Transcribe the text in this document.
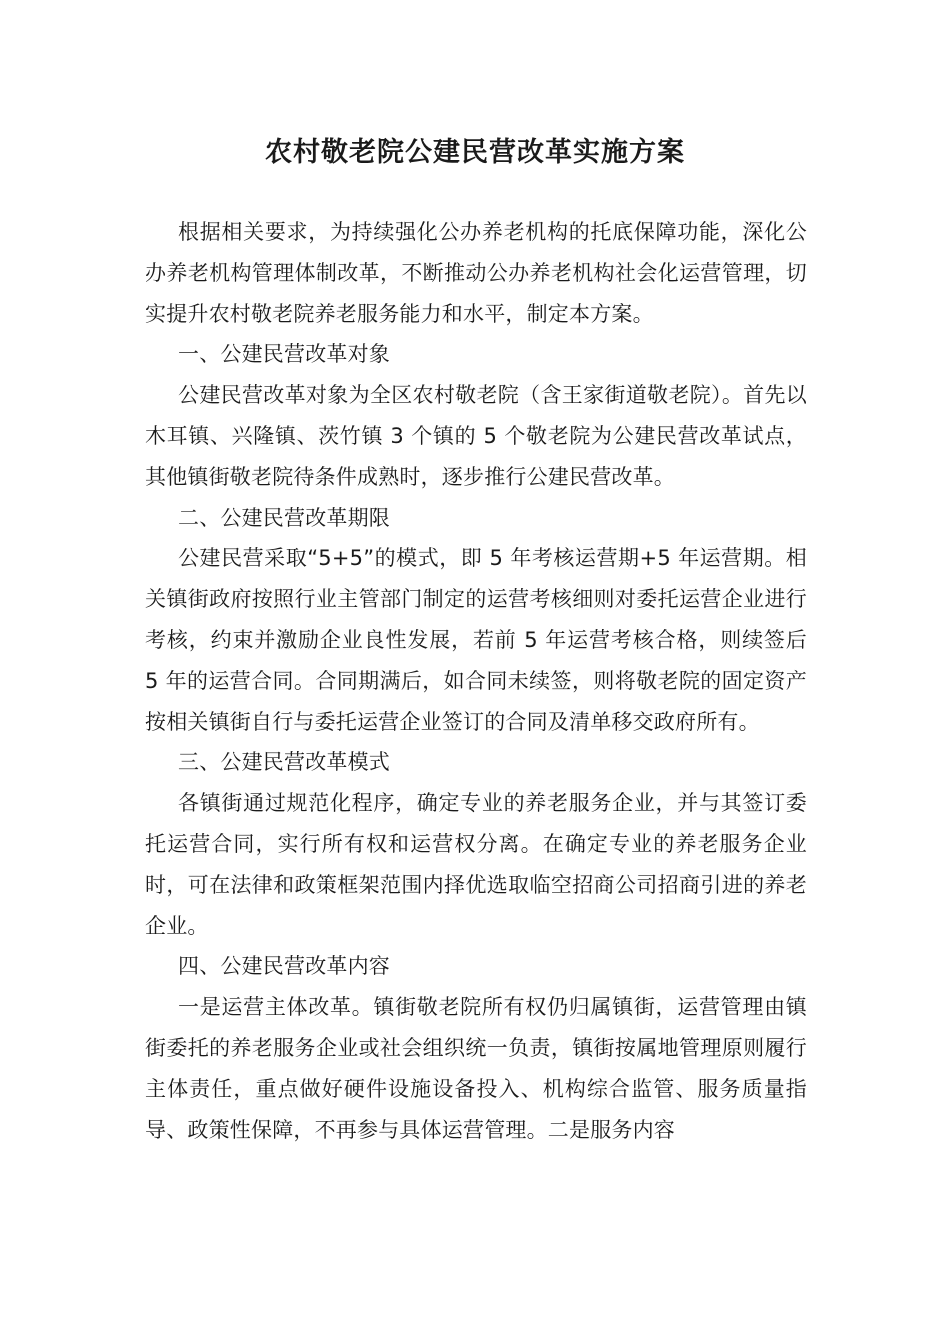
农村敬老院公建民营改革实施方案

根据相关要求，为持续强化公办养老机构的托底保障功能，深化公办养老机构管理体制改革，不断推动公办养老机构社会化运营管理，切实提升农村敬老院养老服务能力和水平，制定本方案。

一、公建民营改革对象

公建民营改革对象为全区农村敬老院（含王家街道敬老院）。首先以木耳镇、兴隆镇、茨竹镇 3 个镇的 5 个敬老院为公建民营改革试点，其他镇街敬老院待条件成熟时，逐步推行公建民营改革。

二、公建民营改革期限

公建民营采取“5+5”的模式，即 5 年考核运营期+5 年运营期。相关镇街政府按照行业主管部门制定的运营考核细则对委托运营企业进行考核，约束并激励企业良性发展，若前 5 年运营考核合格，则续签后 5 年的运营合同。合同期满后，如合同未续签，则将敬老院的固定资产按相关镇街自行与委托运营企业签订的合同及清单移交政府所有。

三、公建民营改革模式

各镇街通过规范化程序，确定专业的养老服务企业，并与其签订委托运营合同，实行所有权和运营权分离。在确定专业的养老服务企业时，可在法律和政策框架范围内择优选取临空招商公司招商引进的养老企业。

四、公建民营改革内容

一是运营主体改革。镇街敬老院所有权仍归属镇街，运营管理由镇街委托的养老服务企业或社会组织统一负责，镇街按属地管理原则履行主体责任，重点做好硬件设施设备投入、机构综合监管、服务质量指导、政策性保障，不再参与具体运营管理。二是服务内容
